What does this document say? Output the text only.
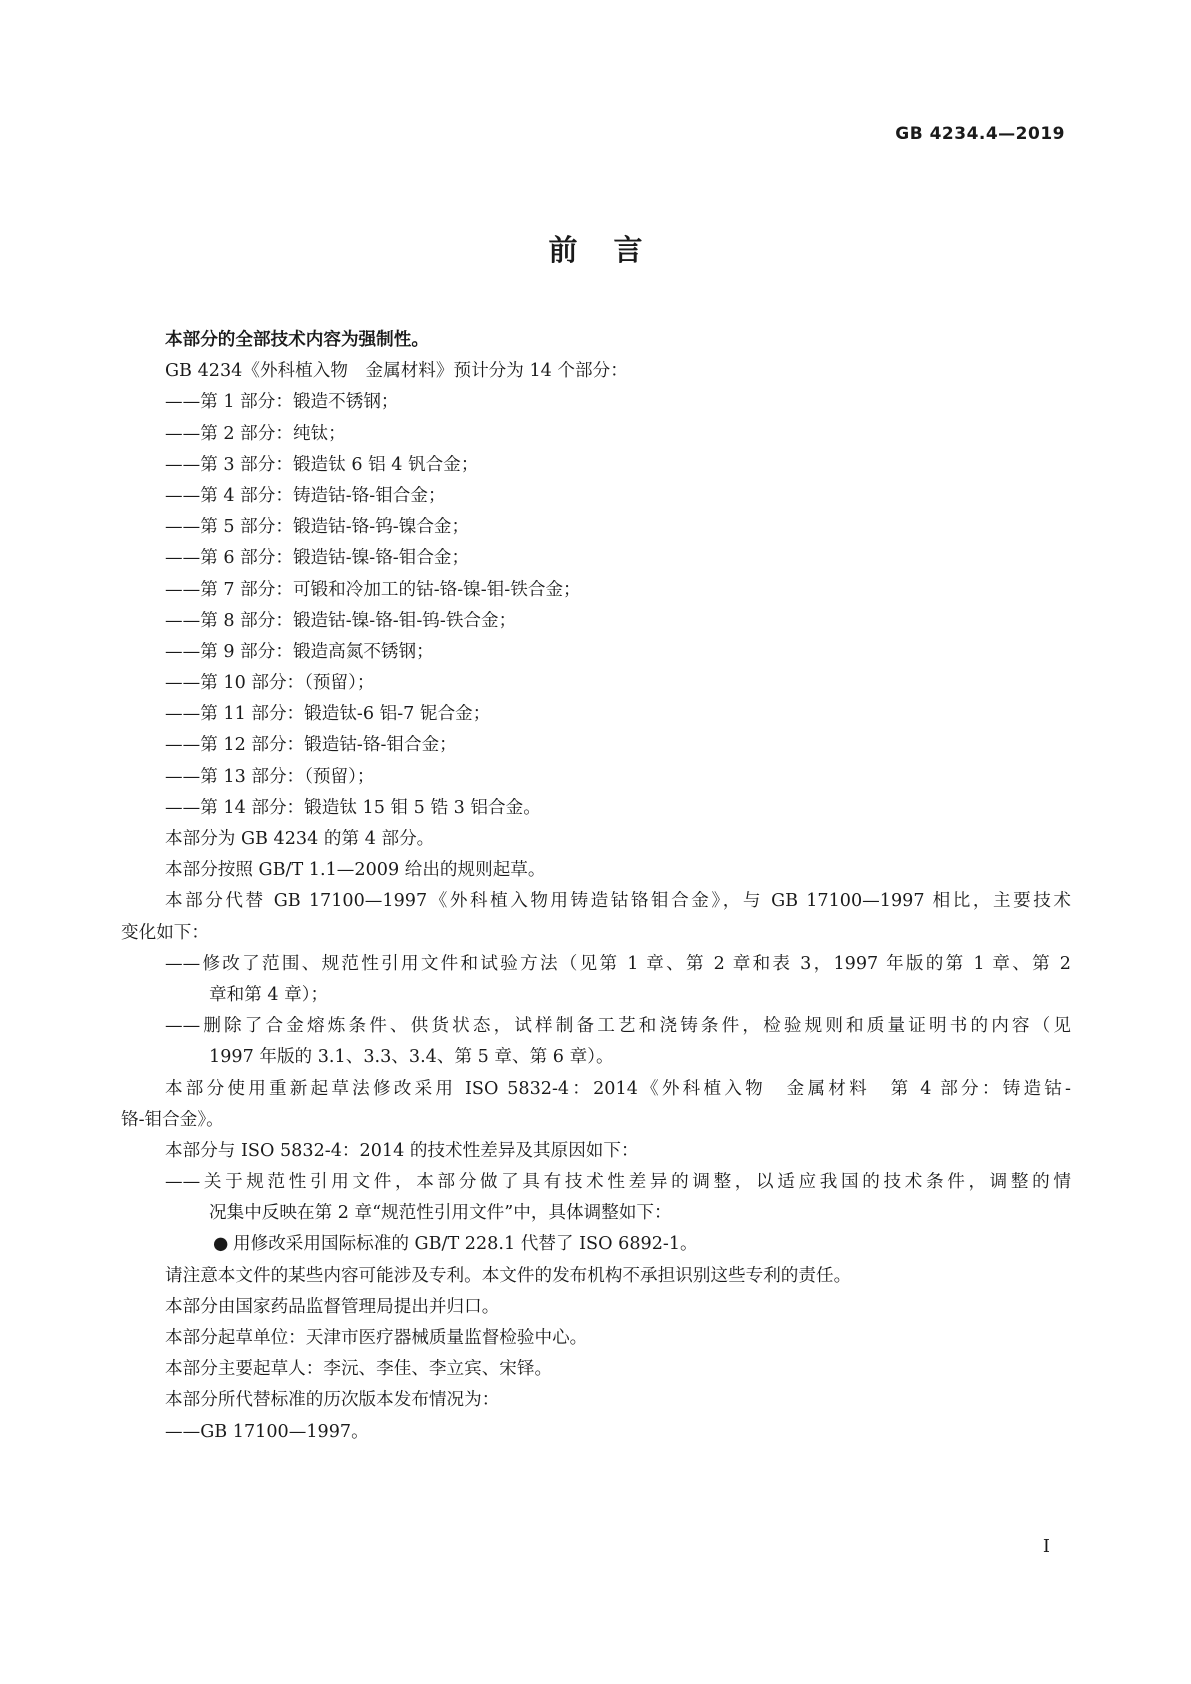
GB 4234.4—2019
前言
本部分的全部技术内容为强制性。
GB 4234《外科植入物　金属材料》预计分为 14 个部分：
——第 1 部分：锻造不锈钢；
——第 2 部分：纯钛；
——第 3 部分：锻造钛 6 铝 4 钒合金；
——第 4 部分：铸造钴-铬-钼合金；
——第 5 部分：锻造钴-铬-钨-镍合金；
——第 6 部分：锻造钴-镍-铬-钼合金；
——第 7 部分：可锻和冷加工的钴-铬-镍-钼-铁合金；
——第 8 部分：锻造钴-镍-铬-钼-钨-铁合金；
——第 9 部分：锻造高氮不锈钢；
——第 10 部分：（预留）；
——第 11 部分：锻造钛-6 铝-7 铌合金；
——第 12 部分：锻造钴-铬-钼合金；
——第 13 部分：（预留）；
——第 14 部分：锻造钛 15 钼 5 锆 3 铝合金。
本部分为 GB 4234 的第 4 部分。
本部分按照 GB/T 1.1—2009 给出的规则起草。
本部分代替 GB 17100—1997《外科植入物用铸造钴铬钼合金》，与 GB 17100—1997 相比，主要技术
变化如下：
——修改了范围、规范性引用文件和试验方法（见第 1 章、第 2 章和表 3，1997 年版的第 1 章、第 2
章和第 4 章）；
——删除了合金熔炼条件、供货状态，试样制备工艺和浇铸条件，检验规则和质量证明书的内容（见
1997 年版的 3.1、3.3、3.4、第 5 章、第 6 章）。
本部分使用重新起草法修改采用 ISO 5832-4：2014《外科植入物　金属材料　第 4 部分：铸造钴-
铬-钼合金》。
本部分与 ISO 5832-4：2014 的技术性差异及其原因如下：
——关于规范性引用文件，本部分做了具有技术性差异的调整，以适应我国的技术条件，调整的情
况集中反映在第 2 章“规范性引用文件”中，具体调整如下：
● 用修改采用国际标准的 GB/T 228.1 代替了 ISO 6892-1。
请注意本文件的某些内容可能涉及专利。本文件的发布机构不承担识别这些专利的责任。
本部分由国家药品监督管理局提出并归口。
本部分起草单位：天津市医疗器械质量监督检验中心。
本部分主要起草人：李沅、李佳、李立宾、宋铎。
本部分所代替标准的历次版本发布情况为：
——GB 17100—1997。
I
